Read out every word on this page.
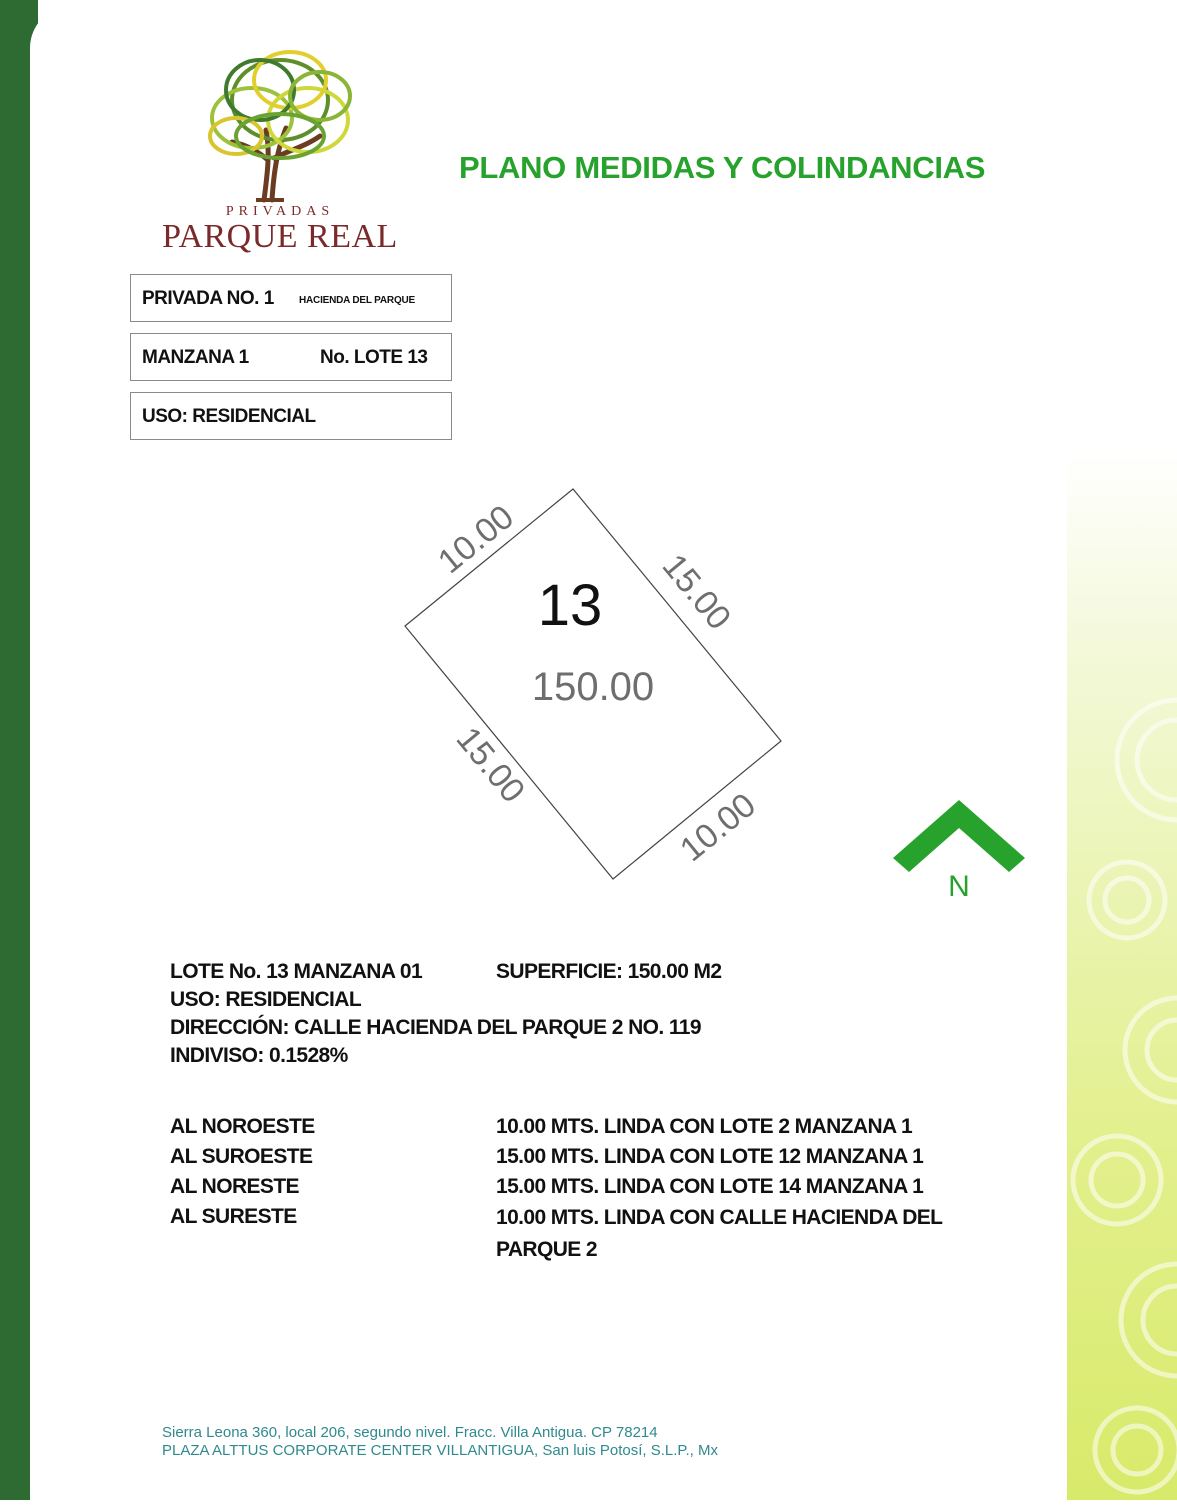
PRIVADAS
PARQUE REAL
PLANO MEDIDAS Y COLINDANCIAS
PRIVADA NO. 1	HACIENDA DEL PARQUE
MANZANA 1	No. LOTE 13
USO: RESIDENCIAL
13
150.00
10.00
15.00
15.00
10.00
N
LOTE No. 13 MANZANA 01	SUPERFICIE: 150.00 M2
USO: RESIDENCIAL
DIRECCIÓN: CALLE HACIENDA DEL PARQUE 2 NO. 119
INDIVISO: 0.1528%
AL NOROESTE	10.00 MTS. LINDA CON LOTE 2 MANZANA 1
AL SUROESTE	15.00 MTS. LINDA CON LOTE 12 MANZANA 1
AL NORESTE	15.00 MTS. LINDA CON LOTE 14 MANZANA 1
AL SURESTE	10.00 MTS. LINDA CON CALLE HACIENDA DEL PARQUE 2
Sierra Leona 360, local 206, segundo nivel. Fracc. Villa Antigua. CP 78214
PLAZA ALTTUS CORPORATE CENTER VILLANTIGUA, San luis Potosí, S.L.P., Mx
